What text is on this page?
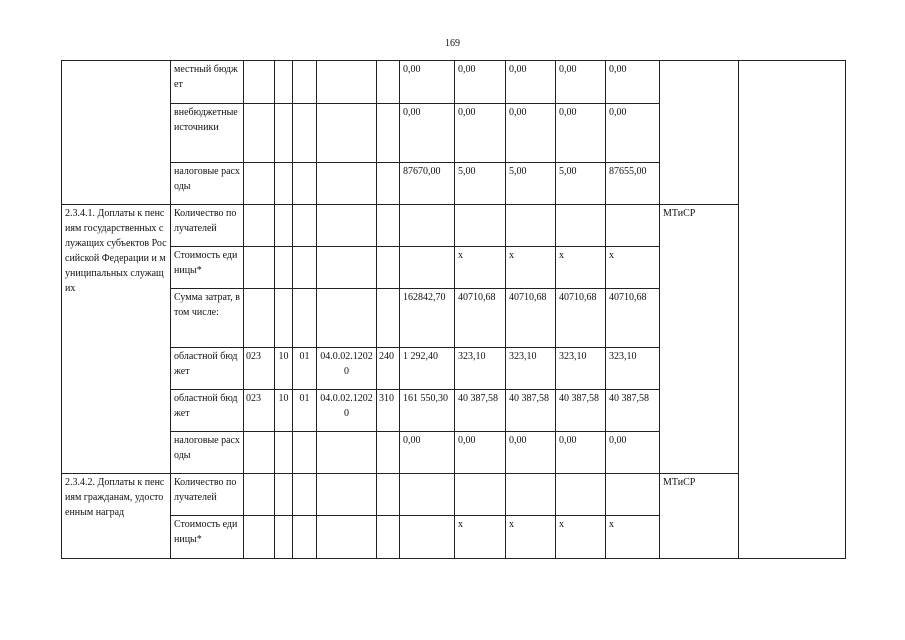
169
	местный бюджет						0,00	0,00	0,00	0,00	0,00		
	внебюджетные источники						0,00	0,00	0,00	0,00	0,00		
	налоговые расходы						87670,00	5,00	5,00	5,00	87655,00		
2.3.4.1. Доплаты к пенсиям государственных служащих субъектов Российской Федерации и муниципальных служащих	Количество получателей											МТиСР	
	Стоимость единицы*							x	x	x	x		
	Сумма затрат, в том числе:						162842,70	40710,68	40710,68	40710,68	40710,68		
	областной бюджет	023	10	01	04.0.02.12020	240	1 292,40	323,10	323,10	323,10	323,10		
	областной бюджет	023	10	01	04.0.02.12020	310	161 550,30	40 387,58	40 387,58	40 387,58	40 387,58		
	налоговые расходы						0,00	0,00	0,00	0,00	0,00		
2.3.4.2. Доплаты к пенсиям гражданам, удостоенным наград	Количество получателей											МТиСР	
	Стоимость единицы*							x	x	x	x		
